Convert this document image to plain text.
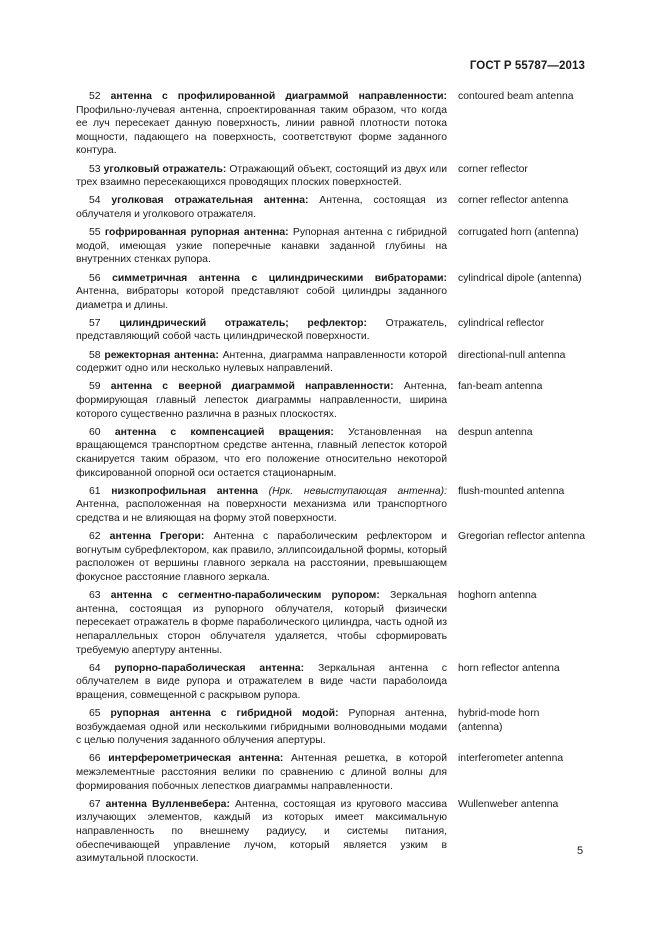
ГОСТ Р 55787—2013
52 антенна с профилированной диаграммой направленности: Профильно-лучевая антенна, спроектированная таким образом, что когда ее луч пересекает данную поверхность, линии равной плотности потока мощности, падающего на поверхность, соответствуют форме заданного контура.
contoured beam antenna
53 уголковый отражатель: Отражающий объект, состоящий из двух или трех взаимно пересекающихся проводящих плоских поверхностей.
corner reflector
54 уголковая отражательная антенна: Антенна, состоящая из облучателя и уголкового отражателя.
corner reflector antenna
55 гофрированная рупорная антенна: Рупорная антенна с гибридной модой, имеющая узкие поперечные канавки заданной глубины на внутренних стенках рупора.
corrugated horn (antenna)
56 симметричная антенна с цилиндрическими вибраторами: Антенна, вибраторы которой представляют собой цилиндры заданного диаметра и длины.
cylindrical dipole (antenna)
57 цилиндрический отражатель; рефлектор: Отражатель, представляющий собой часть цилиндрической поверхности.
cylindrical reflector
58 режекторная антенна: Антенна, диаграмма направленности которой содержит одно или несколько нулевых направлений.
directional-null antenna
59 антенна с веерной диаграммой направленности: Антенна, формирующая главный лепесток диаграммы направленности, ширина которого существенно различна в разных плоскостях.
fan-beam antenna
60 антенна с компенсацией вращения: Установленная на вращающемся транспортном средстве антенна, главный лепесток которой сканируется таким образом, что его положение относительно некоторой фиксированной опорной оси остается стационарным.
despun antenna
61 низкопрофильная антенна (Нрк. невыступающая антенна): Антенна, расположенная на поверхности механизма или транспортного средства и не влияющая на форму этой поверхности.
flush-mounted antenna
62 антенна Грегори: Антенна с параболическим рефлектором и вогнутым субрефлектором, как правило, эллипсоидальной формы, который расположен от вершины главного зеркала на расстоянии, превышающем фокусное расстояние главного зеркала.
Gregorian reflector antenna
63 антенна с сегментно-параболическим рупором: Зеркальная антенна, состоящая из рупорного облучателя, который физически пересекает отражатель в форме параболического цилиндра, часть одной из непараллельных сторон облучателя удаляется, чтобы сформировать требуемую апертуру антенны.
hoghorn antenna
64 рупорно-параболическая антенна: Зеркальная антенна с облучателем в виде рупора и отражателем в виде части параболоида вращения, совмещенной с раскрывом рупора.
horn reflector antenna
65 рупорная антенна с гибридной модой: Рупорная антенна, возбуждаемая одной или несколькими гибридными волноводными модами с целью получения заданного облучения апертуры.
hybrid-mode horn (antenna)
66 интерферометрическая антенна: Антенная решетка, в которой межэлементные расстояния велики по сравнению с длиной волны для формирования побочных лепестков диаграммы направленности.
interferometer antenna
67 антенна Вулленвебера: Антенна, состоящая из кругового массива излучающих элементов, каждый из которых имеет максимальную направленность по внешнему радиусу, и системы питания, обеспечивающей управление лучом, который является узким в азимутальной плоскости.
Wullenweber antenna
5
